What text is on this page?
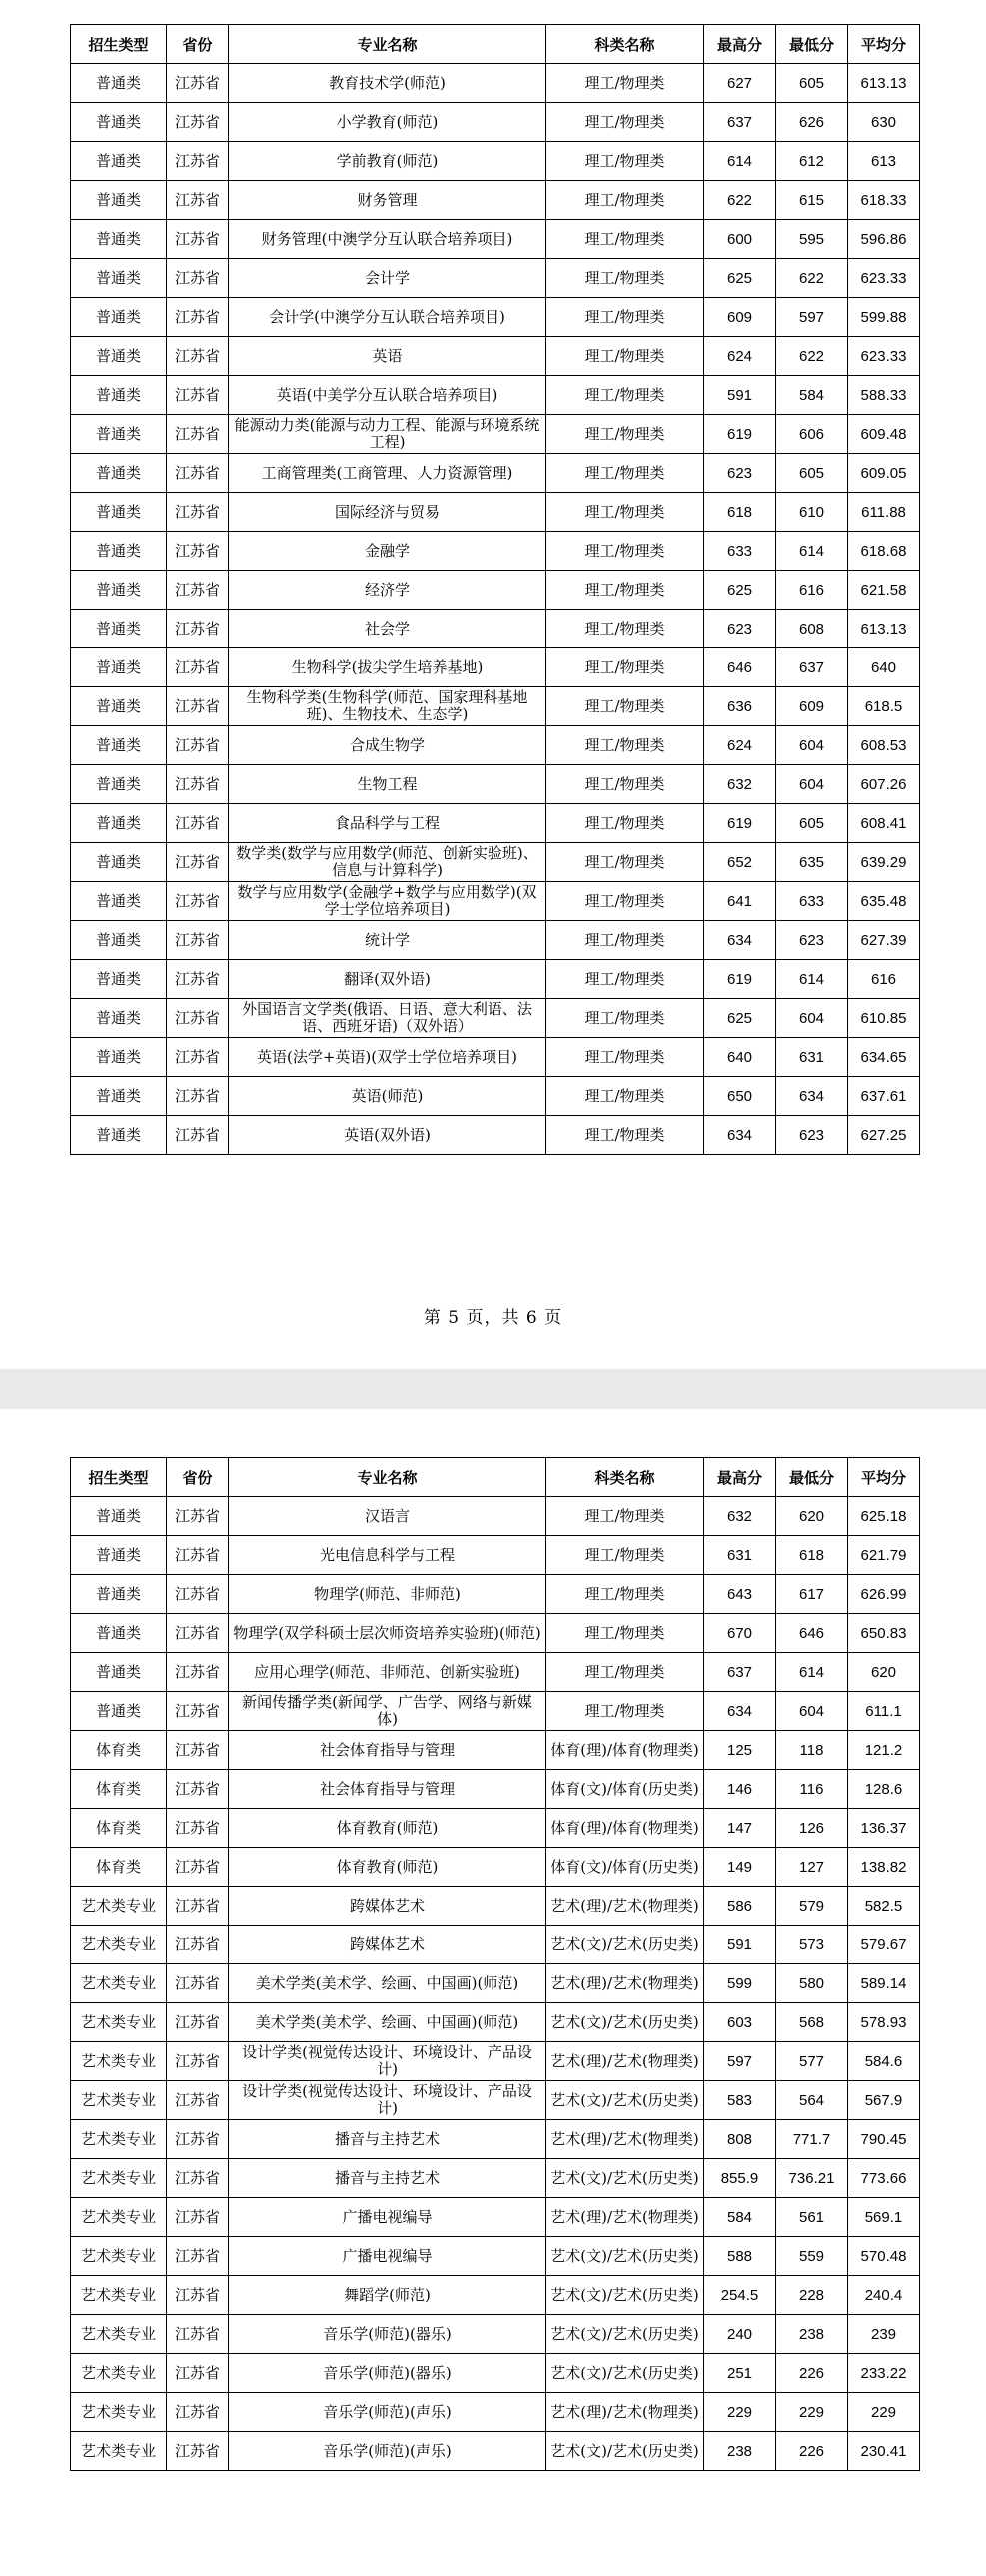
招生类型	省份	专业名称	科类名称	最高分	最低分	平均分
普通类	江苏省	教育技术学(师范)	理工/物理类	627	605	613.13
普通类	江苏省	小学教育(师范)	理工/物理类	637	626	630
普通类	江苏省	学前教育(师范)	理工/物理类	614	612	613
普通类	江苏省	财务管理	理工/物理类	622	615	618.33
普通类	江苏省	财务管理(中澳学分互认联合培养项目)	理工/物理类	600	595	596.86
普通类	江苏省	会计学	理工/物理类	625	622	623.33
普通类	江苏省	会计学(中澳学分互认联合培养项目)	理工/物理类	609	597	599.88
普通类	江苏省	英语	理工/物理类	624	622	623.33
普通类	江苏省	英语(中美学分互认联合培养项目)	理工/物理类	591	584	588.33
普通类	江苏省	能源动力类(能源与动力工程、能源与环境系统工程)	理工/物理类	619	606	609.48
普通类	江苏省	工商管理类(工商管理、人力资源管理)	理工/物理类	623	605	609.05
普通类	江苏省	国际经济与贸易	理工/物理类	618	610	611.88
普通类	江苏省	金融学	理工/物理类	633	614	618.68
普通类	江苏省	经济学	理工/物理类	625	616	621.58
普通类	江苏省	社会学	理工/物理类	623	608	613.13
普通类	江苏省	生物科学(拔尖学生培养基地)	理工/物理类	646	637	640
普通类	江苏省	生物科学类(生物科学(师范、国家理科基地班)、生物技术、生态学)	理工/物理类	636	609	618.5
普通类	江苏省	合成生物学	理工/物理类	624	604	608.53
普通类	江苏省	生物工程	理工/物理类	632	604	607.26
普通类	江苏省	食品科学与工程	理工/物理类	619	605	608.41
普通类	江苏省	数学类(数学与应用数学(师范、创新实验班)、信息与计算科学)	理工/物理类	652	635	639.29
普通类	江苏省	数学与应用数学(金融学+数学与应用数学)(双学士学位培养项目)	理工/物理类	641	633	635.48
普通类	江苏省	统计学	理工/物理类	634	623	627.39
普通类	江苏省	翻译(双外语)	理工/物理类	619	614	616
普通类	江苏省	外国语言文学类(俄语、日语、意大利语、法语、西班牙语)（双外语）	理工/物理类	625	604	610.85
普通类	江苏省	英语(法学+英语)(双学士学位培养项目)	理工/物理类	640	631	634.65
普通类	江苏省	英语(师范)	理工/物理类	650	634	637.61
普通类	江苏省	英语(双外语)	理工/物理类	634	623	627.25
第 5 页，共 6 页
招生类型	省份	专业名称	科类名称	最高分	最低分	平均分
普通类	江苏省	汉语言	理工/物理类	632	620	625.18
普通类	江苏省	光电信息科学与工程	理工/物理类	631	618	621.79
普通类	江苏省	物理学(师范、非师范)	理工/物理类	643	617	626.99
普通类	江苏省	物理学(双学科硕士层次师资培养实验班)(师范)	理工/物理类	670	646	650.83
普通类	江苏省	应用心理学(师范、非师范、创新实验班)	理工/物理类	637	614	620
普通类	江苏省	新闻传播学类(新闻学、广告学、网络与新媒体)	理工/物理类	634	604	611.1
体育类	江苏省	社会体育指导与管理	体育(理)/体育(物理类)	125	118	121.2
体育类	江苏省	社会体育指导与管理	体育(文)/体育(历史类)	146	116	128.6
体育类	江苏省	体育教育(师范)	体育(理)/体育(物理类)	147	126	136.37
体育类	江苏省	体育教育(师范)	体育(文)/体育(历史类)	149	127	138.82
艺术类专业	江苏省	跨媒体艺术	艺术(理)/艺术(物理类)	586	579	582.5
艺术类专业	江苏省	跨媒体艺术	艺术(文)/艺术(历史类)	591	573	579.67
艺术类专业	江苏省	美术学类(美术学、绘画、中国画)(师范)	艺术(理)/艺术(物理类)	599	580	589.14
艺术类专业	江苏省	美术学类(美术学、绘画、中国画)(师范)	艺术(文)/艺术(历史类)	603	568	578.93
艺术类专业	江苏省	设计学类(视觉传达设计、环境设计、产品设计)	艺术(理)/艺术(物理类)	597	577	584.6
艺术类专业	江苏省	设计学类(视觉传达设计、环境设计、产品设计)	艺术(文)/艺术(历史类)	583	564	567.9
艺术类专业	江苏省	播音与主持艺术	艺术(理)/艺术(物理类)	808	771.7	790.45
艺术类专业	江苏省	播音与主持艺术	艺术(文)/艺术(历史类)	855.9	736.21	773.66
艺术类专业	江苏省	广播电视编导	艺术(理)/艺术(物理类)	584	561	569.1
艺术类专业	江苏省	广播电视编导	艺术(文)/艺术(历史类)	588	559	570.48
艺术类专业	江苏省	舞蹈学(师范)	艺术(文)/艺术(历史类)	254.5	228	240.4
艺术类专业	江苏省	音乐学(师范)(器乐)	艺术(文)/艺术(历史类)	240	238	239
艺术类专业	江苏省	音乐学(师范)(器乐)	艺术(文)/艺术(历史类)	251	226	233.22
艺术类专业	江苏省	音乐学(师范)(声乐)	艺术(理)/艺术(物理类)	229	229	229
艺术类专业	江苏省	音乐学(师范)(声乐)	艺术(文)/艺术(历史类)	238	226	230.41
